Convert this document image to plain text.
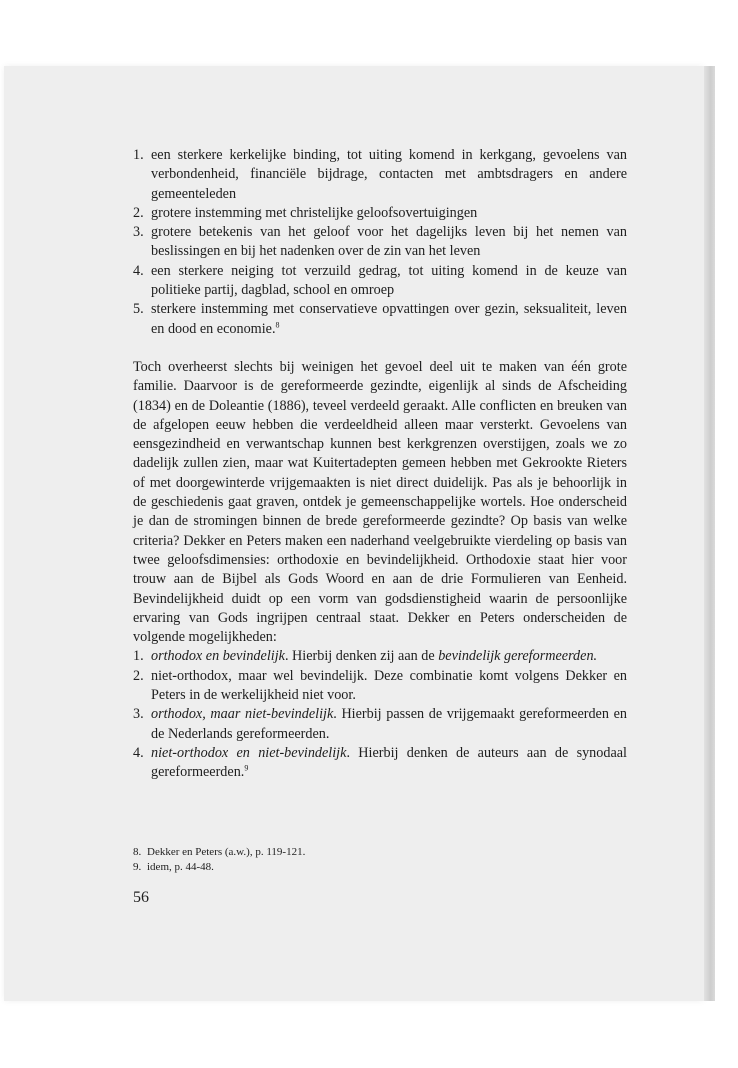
1. een sterkere kerkelijke binding, tot uiting komend in kerkgang, gevoelens van verbondenheid, financiële bijdrage, contacten met ambtsdragers en andere gemeenteleden
2. grotere instemming met christelijke geloofsovertuigingen
3. grotere betekenis van het geloof voor het dagelijks leven bij het nemen van beslissingen en bij het nadenken over de zin van het leven
4. een sterkere neiging tot verzuild gedrag, tot uiting komend in de keuze van politieke partij, dagblad, school en omroep
5. sterkere instemming met conservatieve opvattingen over gezin, seksualiteit, leven en dood en economie.$^8$

Toch overheerst slechts bij weinigen het gevoel deel uit te maken van één grote familie. Daarvoor is de gereformeerde gezindte, eigenlijk al sinds de Afscheiding (1834) en de Doleantie (1886), teveel verdeeld geraakt. Alle conflicten en breuken van de afgelopen eeuw hebben die verdeeldheid alleen maar versterkt. Gevoelens van eensgezindheid en verwantschap kunnen best kerkgrenzen overstijgen, zoals we zo dadelijk zullen zien, maar wat Kuitertadepten gemeen hebben met Gekrookte Rieters of met doorgewinterde vrijgemaakten is niet direct duidelijk. Pas als je behoorlijk in de geschiedenis gaat graven, ontdek je gemeenschappelijke wortels. Hoe onderscheid je dan de stromingen binnen de brede gereformeerde gezindte? Op basis van welke criteria? Dekker en Peters maken een naderhand veelgebruikte vierdeling op basis van twee geloofsdimensies: orthodoxie en bevindelijkheid. Orthodoxie staat hier voor trouw aan de Bijbel als Gods Woord en aan de drie Formulieren van Eenheid. Bevindelijkheid duidt op een vorm van godsdienstigheid waarin de persoonlijke ervaring van Gods ingrijpen centraal staat. Dekker en Peters onderscheiden de volgende mogelijkheden:

1. orthodox en bevindelijk. Hierbij denken zij aan de bevindelijk gereformeerden.
2. niet-orthodox, maar wel bevindelijk. Deze combinatie komt volgens Dekker en Peters in de werkelijkheid niet voor.
3. orthodox, maar niet-bevindelijk. Hierbij passen de vrijgemaakt gereformeerden en de Nederlands gereformeerden.
4. niet-orthodox en niet-bevindelijk. Hierbij denken de auteurs aan de synodaal gereformeerden.$^9$
8. Dekker en Peters (a.w.), p. 119-121.
9. idem, p. 44-48.
56
